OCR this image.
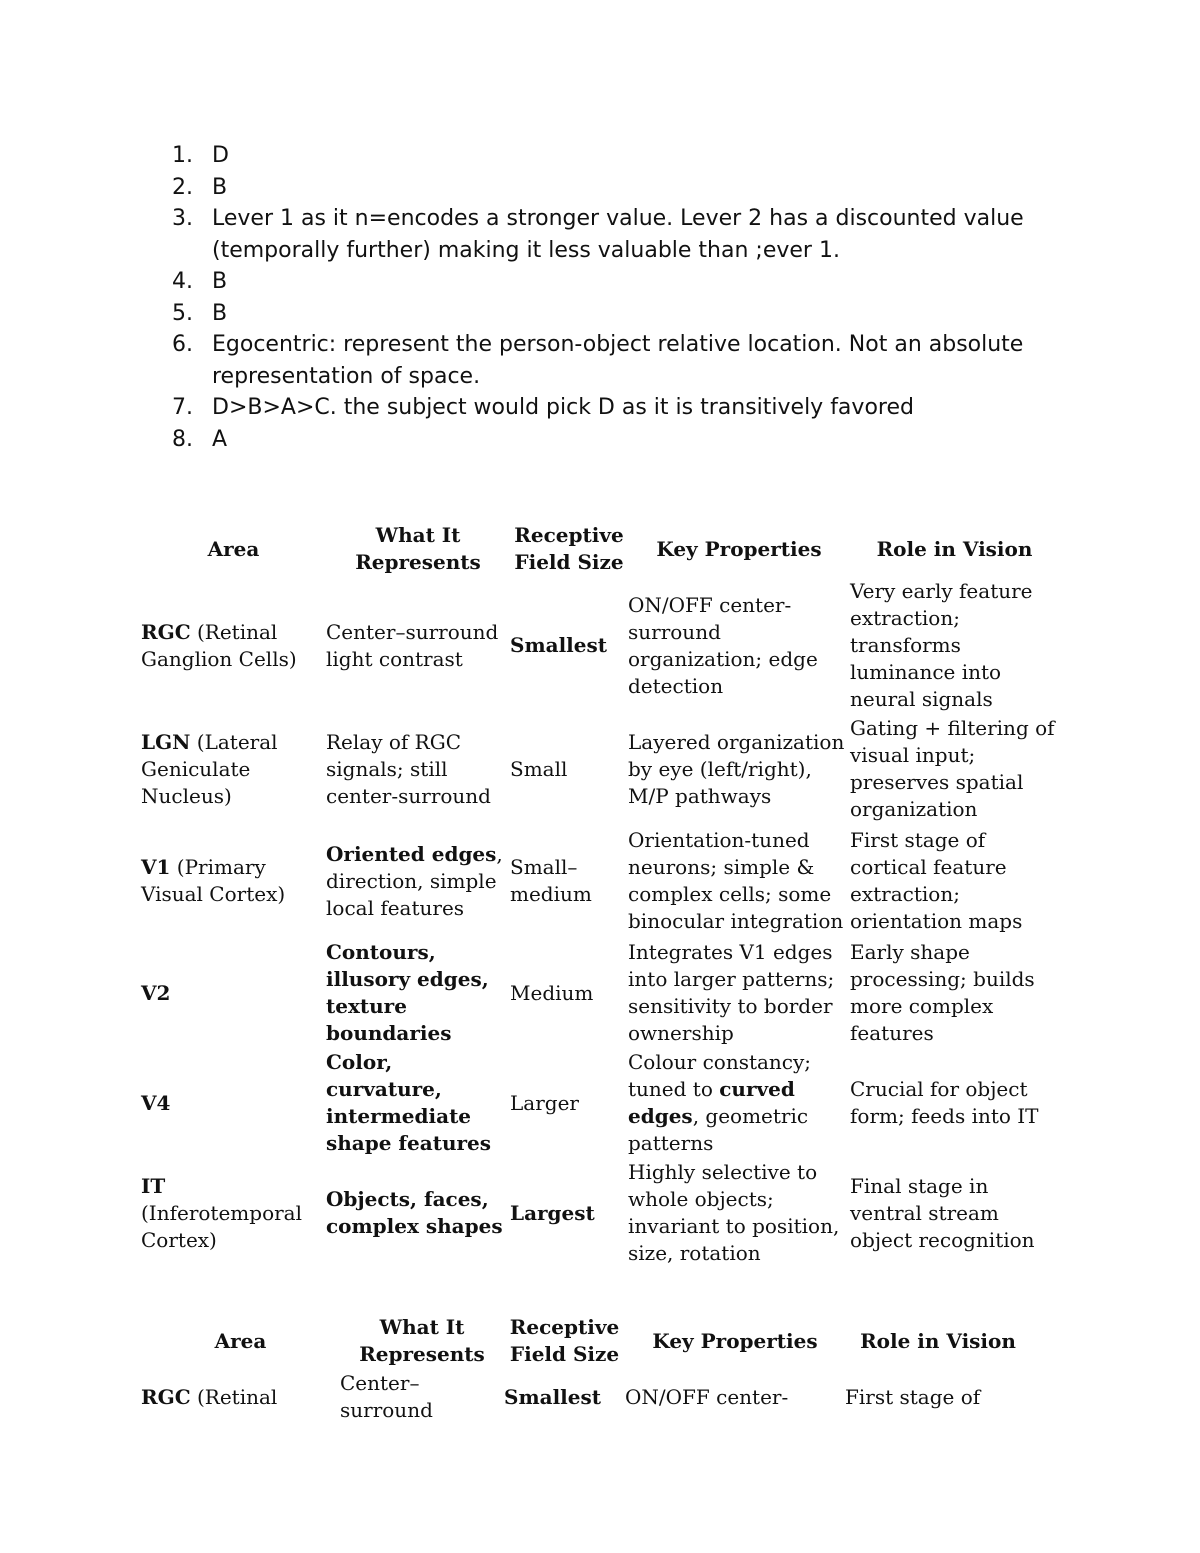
1. D
2. B
3. Lever 1 as it n=encodes a stronger value. Lever 2 has a discounted value (temporally further) making it less valuable than ;ever 1.
4. B
5. B
6. Egocentric: represent the person-object relative location. Not an absolute representation of space.
7. D>B>A>C. the subject would pick D as it is transitively favored
8. A
Area	What It Represents	Receptive Field Size	Key Properties	Role in Vision
RGC (Retinal Ganglion Cells)	Center–surround light contrast	Smallest	ON/OFF center-surround organization; edge detection	Very early feature extraction; transforms luminance into neural signals
LGN (Lateral Geniculate Nucleus)	Relay of RGC signals; still center-surround	Small	Layered organization by eye (left/right), M/P pathways	Gating + filtering of visual input; preserves spatial organization
V1 (Primary Visual Cortex)	Oriented edges, direction, simple local features	Small–medium	Orientation-tuned neurons; simple & complex cells; some binocular integration	First stage of cortical feature extraction; orientation maps
V2	Contours, illusory edges, texture boundaries	Medium	Integrates V1 edges into larger patterns; sensitivity to border ownership	Early shape processing; builds more complex features
V4	Color, curvature, intermediate shape features	Larger	Colour constancy; tuned to curved edges, geometric patterns	Crucial for object form; feeds into IT
IT (Inferotemporal Cortex)	Objects, faces, complex shapes	Largest	Highly selective to whole objects; invariant to position, size, rotation	Final stage in ventral stream object recognition
Area	What It Represents	Receptive Field Size	Key Properties	Role in Vision
RGC (Retinal	Center–surround	Smallest	ON/OFF center-	First stage of
